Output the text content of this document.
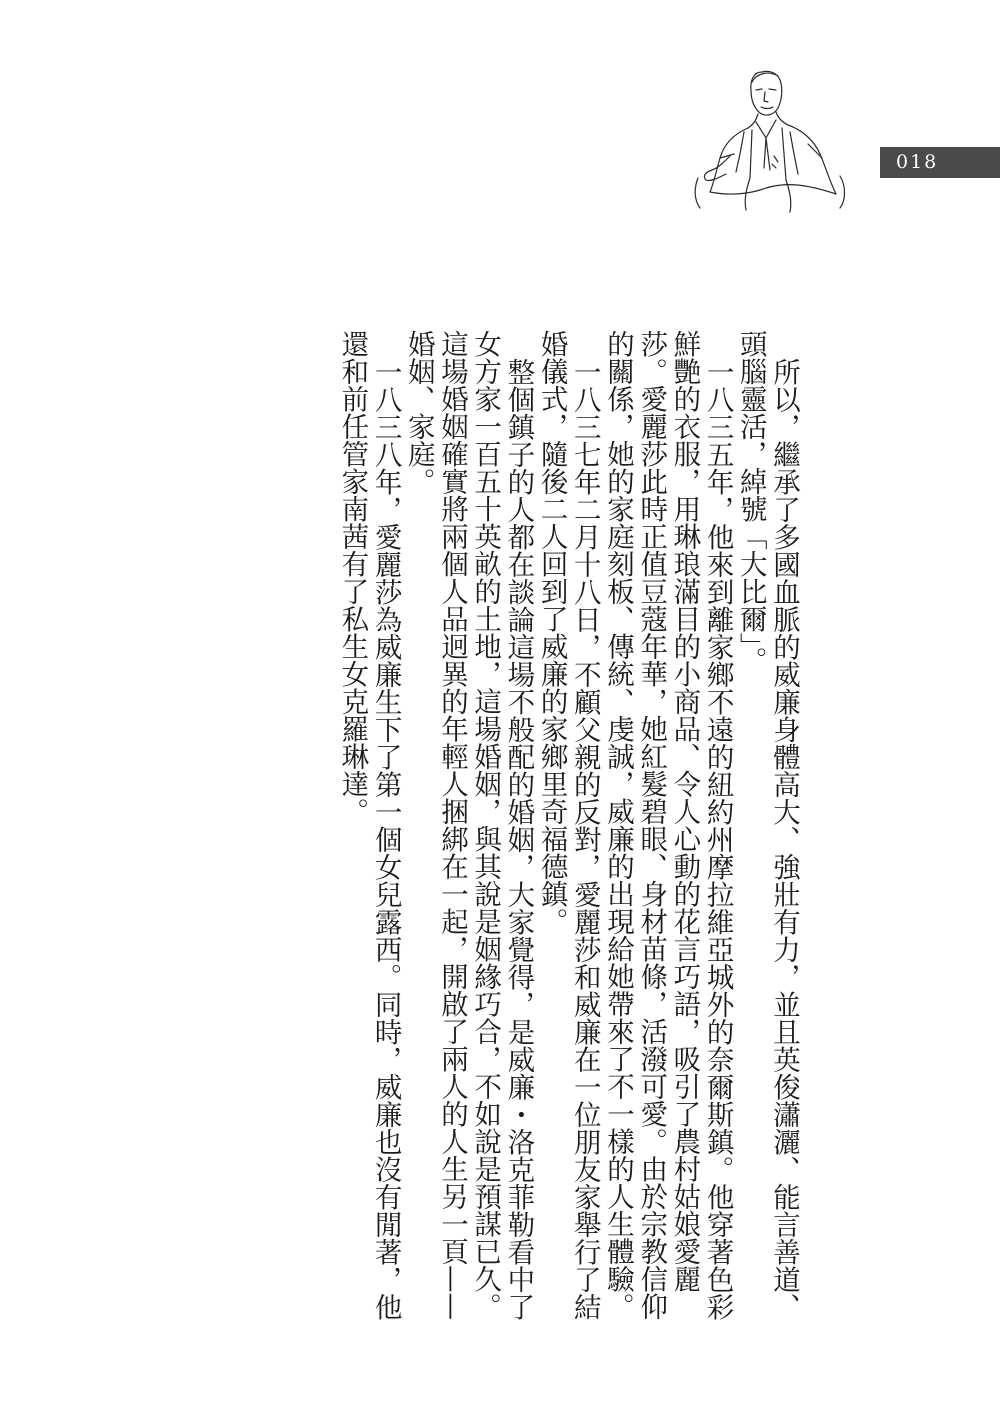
018

所以，繼承了多國血脈的威廉身體高大、強壯有力，並且英俊瀟灑、能言善道、頭腦靈活，綽號「大比爾」。

一八三五年，他來到離家鄉不遠的紐約州摩拉維亞城外的奈爾斯鎮。他穿著色彩鮮艷的衣服，用琳琅滿目的小商品、令人心動的花言巧語，吸引了農村姑娘愛麗莎。愛麗莎此時正值豆蔻年華，她紅髮碧眼、身材苗條，活潑可愛。由於宗教信仰的關係，她的家庭刻板、傳統、虔誠，威廉的出現給她帶來了不一樣的人生體驗。

一八三七年二月十八日，不顧父親的反對，愛麗莎和威廉在一位朋友家舉行了結婚儀式，隨後二人回到了威廉的家鄉里奇福德鎮。

整個鎮子的人都在談論這場不般配的婚姻，大家覺得，是威廉・洛克菲勒看中了女方家一百五十英畝的土地，這場婚姻，與其說是姻緣巧合，不如說是預謀已久。這場婚姻確實將兩個人品迥異的年輕人捆綁在一起，開啟了兩人的人生另一頁——婚姻、家庭。

一八三八年，愛麗莎為威廉生下了第一個女兒露西。同時，威廉也沒有閒著，他還和前任管家南茜有了私生女克羅琳達。
